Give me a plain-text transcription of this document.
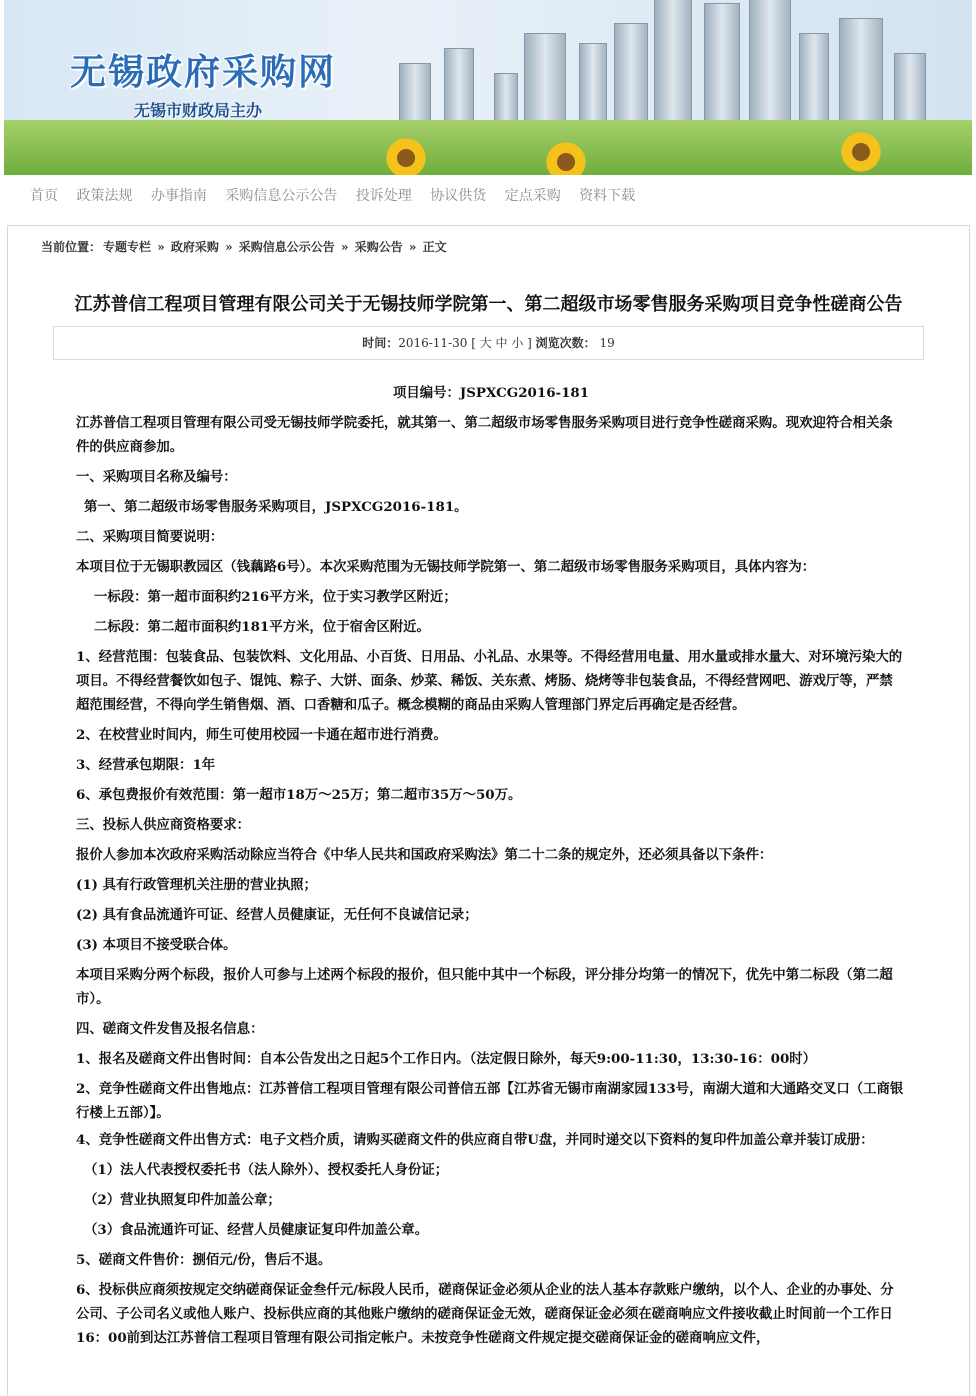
无锡政府采购网
无锡市财政局主办
首页 政策法规 办事指南 采购信息公示公告 投诉处理 协议供货 定点采购 资料下载
当前位置： 专题专栏 » 政府采购 » 采购信息公示公告 » 采购公告 » 正文
江苏普信工程项目管理有限公司关于无锡技师学院第一、第二超级市场零售服务采购项目竞争性磋商公告
时间：2016-11-30 [ 大 中 小 ] 浏览次数： 19

项目编号：JSPXCG2016-181

江苏普信工程项目管理有限公司受无锡技师学院委托，就其第一、第二超级市场零售服务采购项目进行竞争性磋商采购。现欢迎符合相关条件的供应商参加。

一、采购项目名称及编号：

第一、第二超级市场零售服务采购项目，JSPXCG2016-181。

二、采购项目简要说明：

本项目位于无锡职教园区（钱藕路6号）。本次采购范围为无锡技师学院第一、第二超级市场零售服务采购项目，具体内容为：

一标段：第一超市面积约216平方米，位于实习教学区附近；

二标段：第二超市面积约181平方米，位于宿舍区附近。

1、经营范围：包装食品、包装饮料、文化用品、小百货、日用品、小礼品、水果等。不得经营用电量、用水量或排水量大、对环境污染大的项目。不得经营餐饮如包子、馄饨、粽子、大饼、面条、炒菜、稀饭、关东煮、烤肠、烧烤等非包装食品，不得经营网吧、游戏厅等，严禁超范围经营，不得向学生销售烟、酒、口香糖和瓜子。概念模糊的商品由采购人管理部门界定后再确定是否经营。

2、在校营业时间内，师生可使用校园一卡通在超市进行消费。

3、经营承包期限：1年

6、承包费报价有效范围：第一超市18万～25万；第二超市35万～50万。

三、投标人供应商资格要求：

报价人参加本次政府采购活动除应当符合《中华人民共和国政府采购法》第二十二条的规定外，还必须具备以下条件：

(1) 具有行政管理机关注册的营业执照；

(2) 具有食品流通许可证、经营人员健康证，无任何不良诚信记录；

(3) 本项目不接受联合体。

本项目采购分两个标段，报价人可参与上述两个标段的报价，但只能中其中一个标段，评分排分均第一的情况下，优先中第二标段（第二超市）。

四、磋商文件发售及报名信息：

1、报名及磋商文件出售时间：自本公告发出之日起5个工作日内。（法定假日除外，每天9:00-11:30，13:30-16：00时）

2、竞争性磋商文件出售地点：江苏普信工程项目管理有限公司普信五部【江苏省无锡市南湖家园133号，南湖大道和大通路交叉口（工商银行楼上五部）】。

4、竞争性磋商文件出售方式：电子文档介质，请购买磋商文件的供应商自带U盘，并同时递交以下资料的复印件加盖公章并装订成册：

（1）法人代表授权委托书（法人除外）、授权委托人身份证；

（2）营业执照复印件加盖公章；

（3）食品流通许可证、经营人员健康证复印件加盖公章。

5、磋商文件售价：捌佰元/份，售后不退。

6、投标供应商须按规定交纳磋商保证金叁仟元/标段人民币，磋商保证金必须从企业的法人基本存款账户缴纳，以个人、企业的办事处、分公司、子公司名义或他人账户、投标供应商的其他账户缴纳的磋商保证金无效，磋商保证金必须在磋商响应文件接收截止时间前一个工作日16：00前到达江苏普信工程项目管理有限公司指定帐户。未按竞争性磋商文件规定提交磋商保证金的磋商响应文件，
